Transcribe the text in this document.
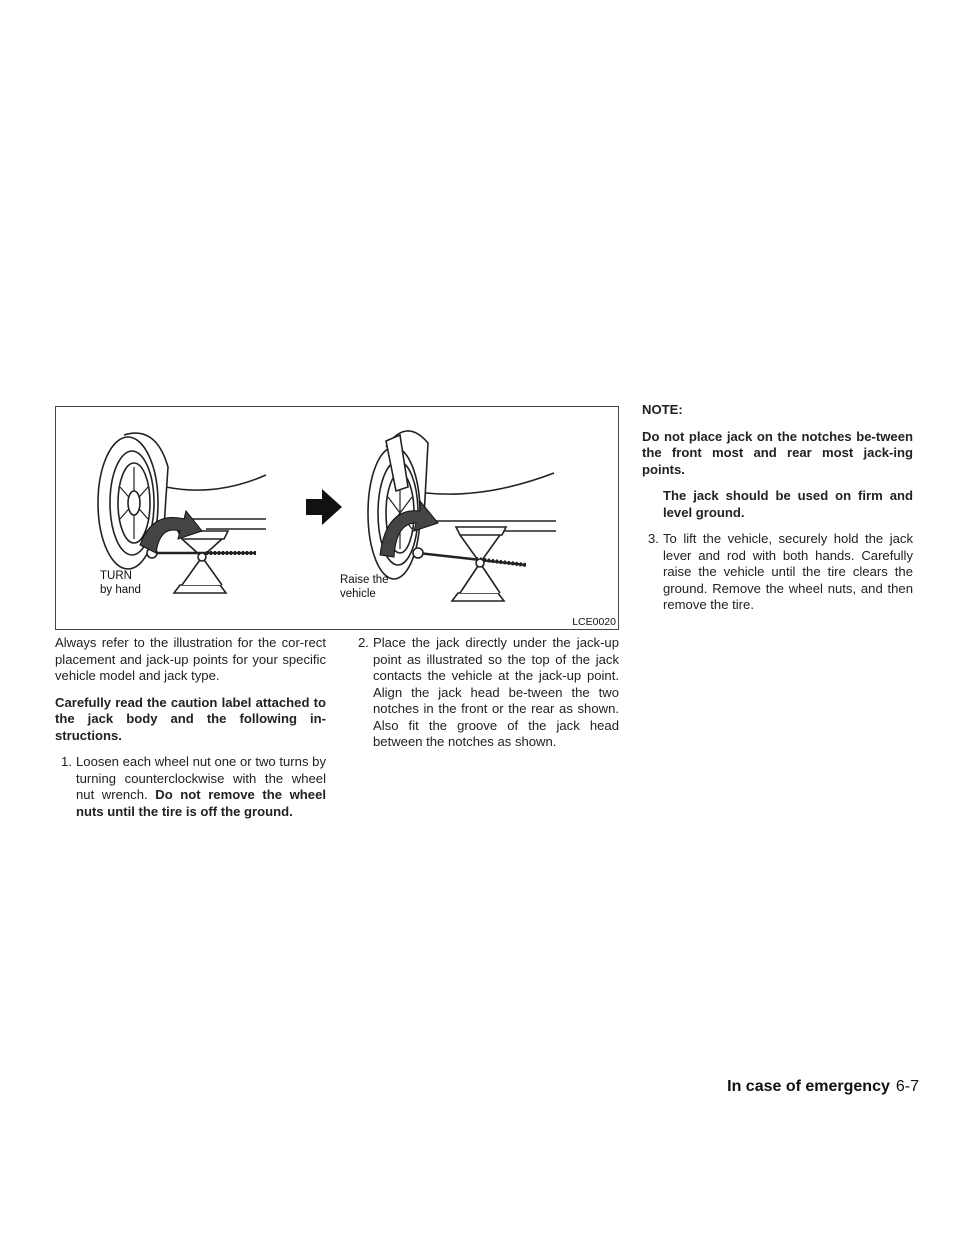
TURN
by hand
Raise the
vehicle
LCE0020

Always refer to the illustration for the cor-rect placement and jack-up points for your specific vehicle model and jack type.

Carefully read the caution label attached to the jack body and the following in-structions.

1. Loosen each wheel nut one or two turns by turning counterclockwise with the wheel nut wrench. Do not remove the wheel nuts until the tire is off the ground.
2. Place the jack directly under the jack-up point as illustrated so the top of the jack contacts the vehicle at the jack-up point. Align the jack head be-tween the two notches in the front or the rear as shown. Also fit the groove of the jack head between the notches as shown.

NOTE:

Do not place jack on the notches be-tween the front most and rear most jack-ing points.

The jack should be used on firm and level ground.

3. To lift the vehicle, securely hold the jack lever and rod with both hands. Carefully raise the vehicle until the tire clears the ground. Remove the wheel nuts, and then remove the tire.
In case of emergency 6-7
